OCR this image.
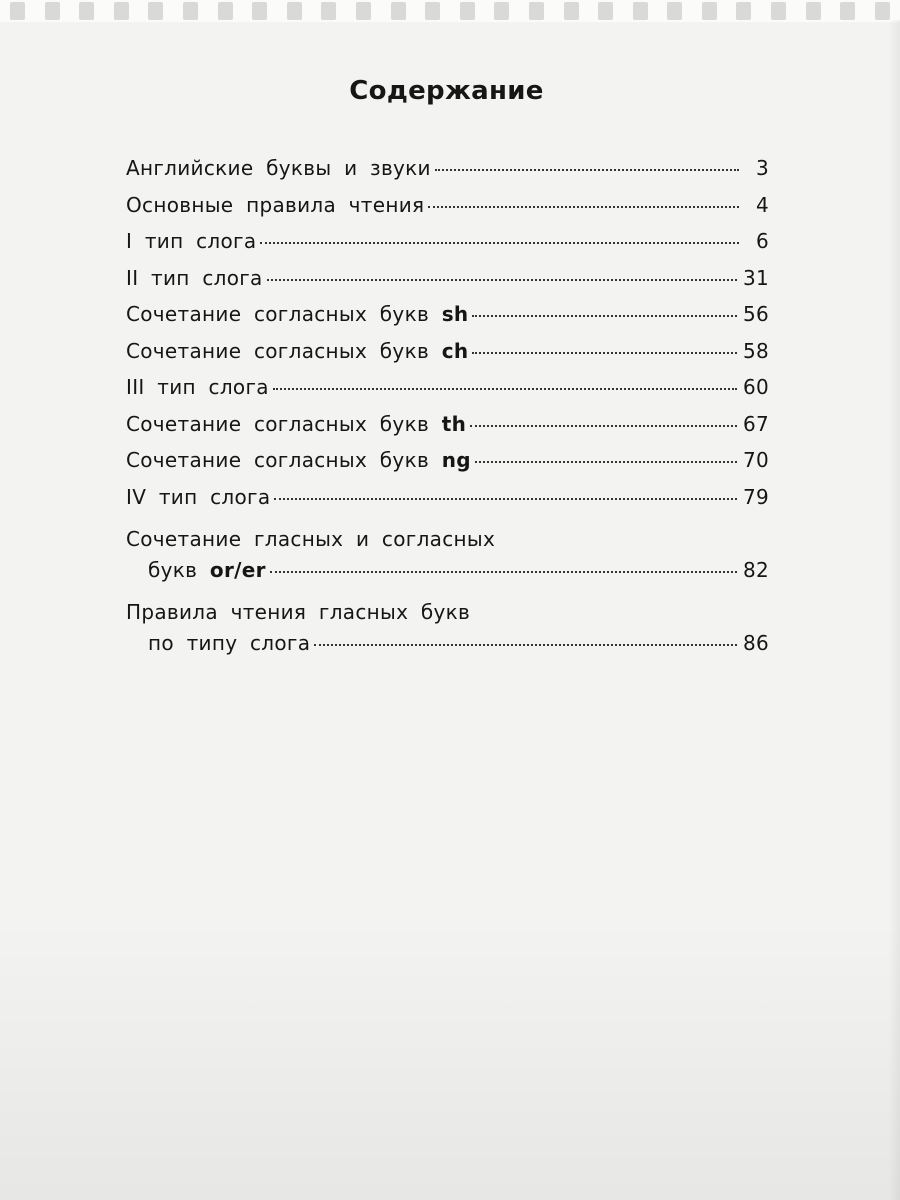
Содержание
Английские буквы и звуки	3
Основные правила чтения	4
I тип слога	6
II тип слога	31
Сочетание согласных букв sh	56
Сочетание согласных букв ch	58
III тип слога	60
Сочетание согласных букв th	67
Сочетание согласных букв ng	70
IV тип слога	79
Сочетание гласных и согласных
букв or/er	82
Правила чтения гласных букв
по типу слога	86
